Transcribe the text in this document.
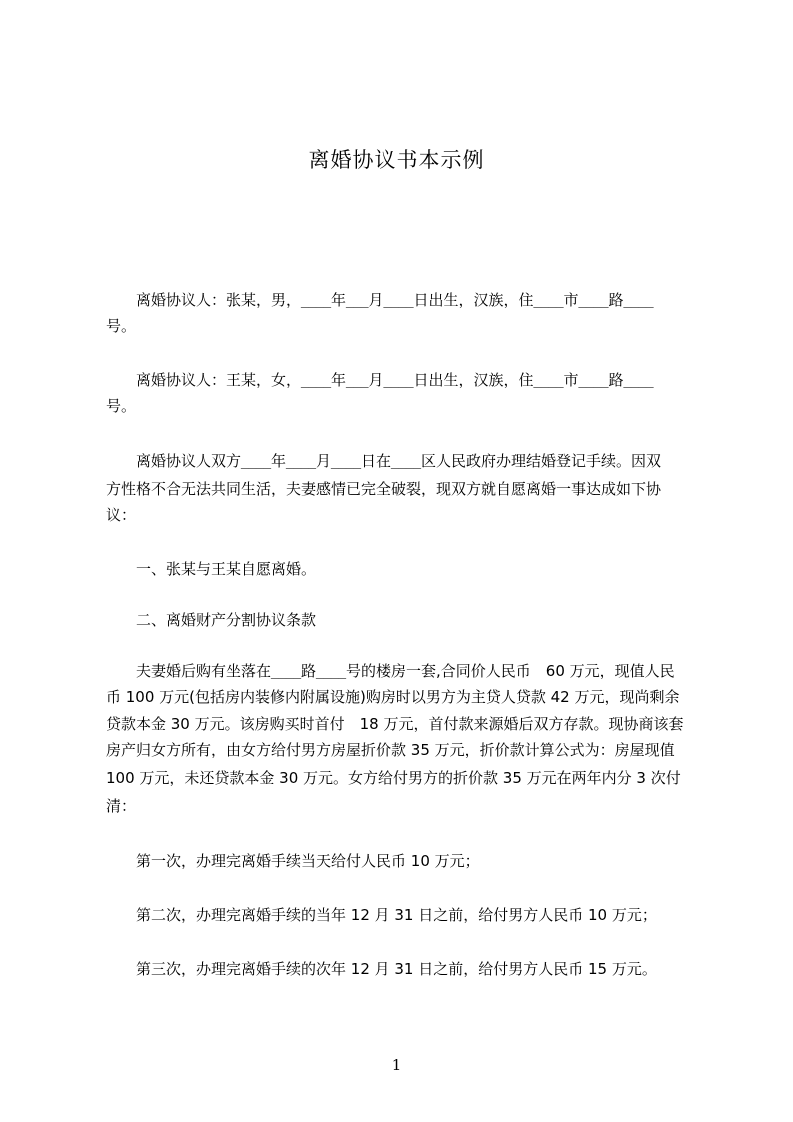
离婚协议书本示例
　　离婚协议人：张某，男，____年___月____日出生，汉族，住____市____路____
号。
　　离婚协议人：王某，女，____年___月____日出生，汉族，住____市____路____
号。
　　离婚协议人双方____年____月____日在____区人民政府办理结婚登记手续。因双
方性格不合无法共同生活，夫妻感情已完全破裂，现双方就自愿离婚一事达成如下协
议：
　　一、张某与王某自愿离婚。
　　二、离婚财产分割协议条款
　　夫妻婚后购有坐落在____路____号的楼房一套,合同价人民币　60 万元，现值人民
币 100 万元(包括房内装修内附属设施)购房时以男方为主贷人贷款 42 万元，现尚剩余
贷款本金 30 万元。该房购买时首付　18 万元，首付款来源婚后双方存款。现协商该套
房产归女方所有，由女方给付男方房屋折价款 35 万元，折价款计算公式为：房屋现值
100 万元，未还贷款本金 30 万元。女方给付男方的折价款 35 万元在两年内分 3 次付
清：
　　第一次，办理完离婚手续当天给付人民币 10 万元；
　　第二次，办理完离婚手续的当年 12 月 31 日之前，给付男方人民币 10 万元；
　　第三次，办理完离婚手续的次年 12 月 31 日之前，给付男方人民币 15 万元。
1
